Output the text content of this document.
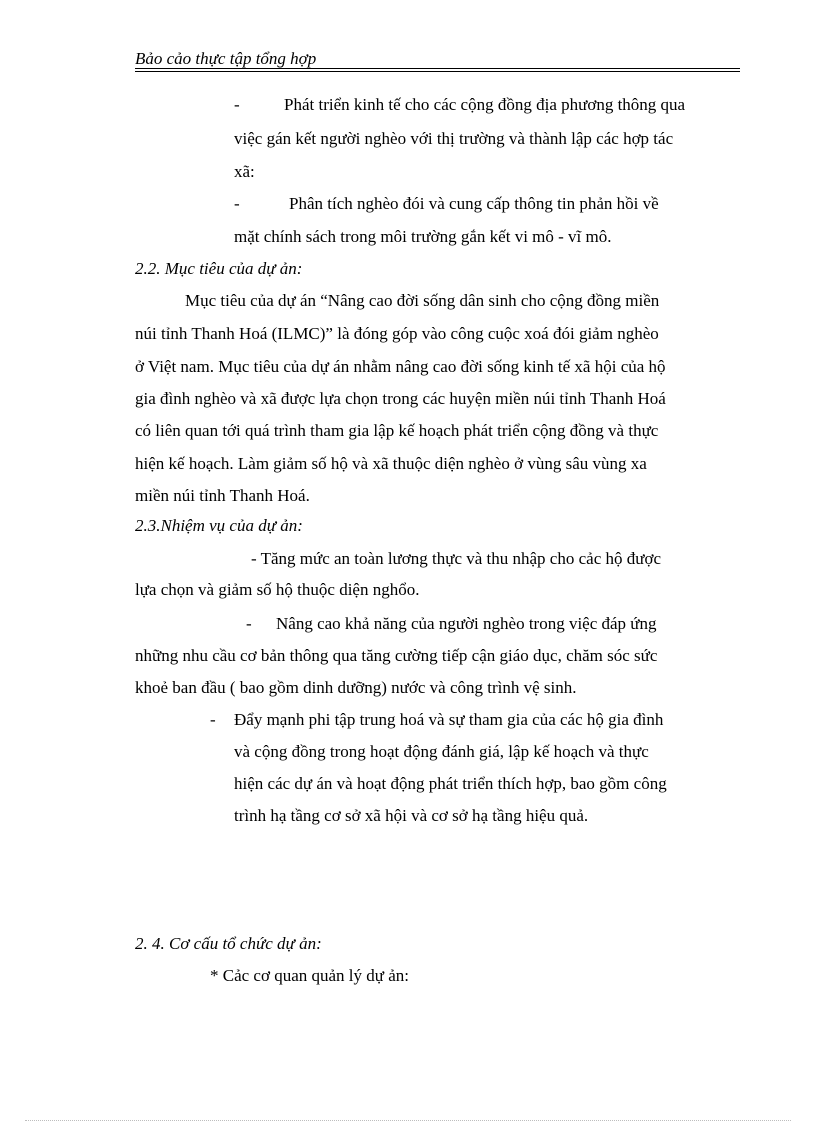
Bảo cảo thực tập tổng hợp
-	Phát triển kinh tế cho các cộng đồng địa phương thông qua
việc gán kết người nghèo với thị trường và thành lập các hợp tác
xã:
-	Phân tích nghèo đói và cung cấp thông tin phản hồi về
mặt chính sách trong môi trường gắn kết vi mô - vĩ mô.
2.2. Mục tiêu của dự ản:
Mục tiêu của dự án “Nâng cao đời sống dân sinh cho cộng đồng miền
núi tỉnh Thanh Hoá (ILMC)” là đóng góp vào công cuộc xoá đói giảm nghèo
ở Việt nam. Mục tiêu của dự án nhằm nâng cao đời sống kinh tế xã hội của hộ
gia đình nghèo và xã được lựa chọn trong các huyện miền núi tỉnh Thanh Hoá
có liên quan tới quá trình tham gia lập kế hoạch phát triển cộng đồng và thực
hiện kế hoạch. Làm giảm số hộ và xã thuộc diện nghèo ở vùng sâu vùng xa
miền núi tỉnh Thanh Hoá.
2.3.Nhiệm vụ của dự ản:
- Tăng mức an toàn lương thực và thu nhập cho cảc hộ được
lựa chọn và giảm số hộ thuộc diện nghổo.
- Nâng cao khả năng của người nghèo trong việc đáp ứng
những nhu cầu cơ bản thông qua tăng cường tiếp cận giáo dục, chăm sóc sức
khoẻ ban đầu ( bao gồm dinh dưỡng) nước và công trình vệ sinh.
- Đẩy mạnh phi tập trung hoá và sự tham gia của các hộ gia đình
và cộng đồng trong hoạt động đánh giá, lập kế hoạch và thực
hiện các dự án và hoạt động phát triển thích hợp, bao gồm công
trình hạ tầng cơ sở xã hội và cơ sở hạ tầng hiệu quả.
2. 4. Cơ cấu tổ chức dự ản:
* Cảc cơ quan quản lý dự ản:
